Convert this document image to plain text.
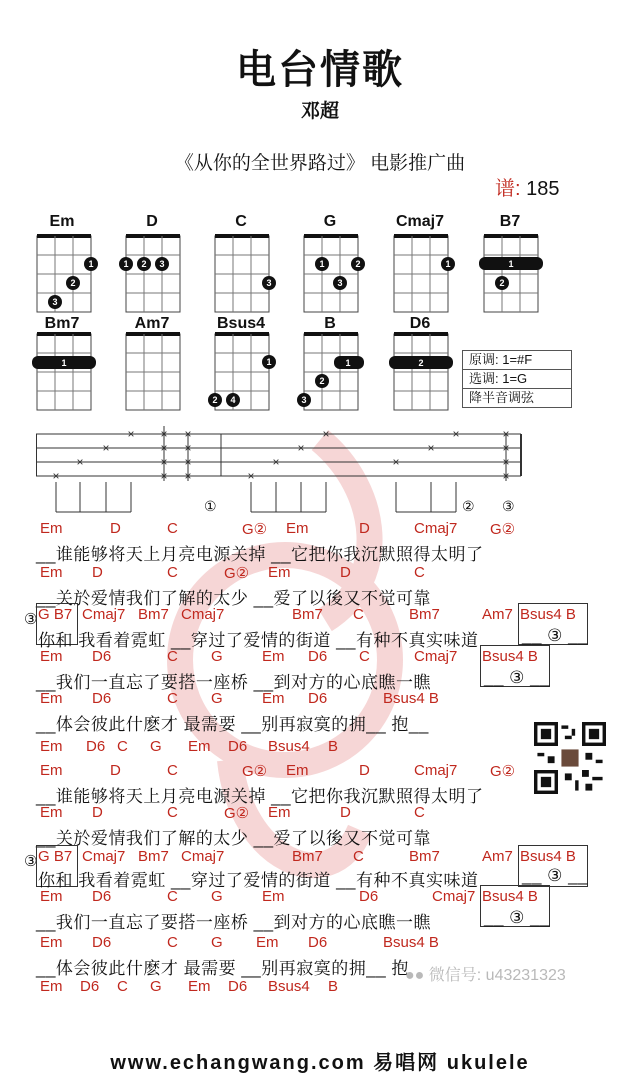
电台情歌
邓超
《从你的全世界路过》 电影推广曲
谱: 185
Em	D	C	G	Cmaj7	B7
1
2
3
1 2 3
3
1	2
3
1	1
2
Bm7	Am7	Bsus4	B	D6
1	1
2 4
1
2
3
2	原调: 1=#F
选调: 1=G
降半音调弦
×
×
×
× ×
×
×
×
×
×
×
×	×
×
×
×
×
×
×	×
×
×
×
①	② ③
Em	D	C	G② Em	D	Cmaj7 G②
__谁能够将天上月亮电源关掉 __它把你我沉默照得太明了
Em D	C	G② Em	D	C
__关於爱情我们了解的太少 __爱了以後又不觉可靠
③ G B7 Cmaj7 Bm7 Cmaj7	Bm7 C	Bm7	Am7 Bsus4 B
你和 我看着霓虹 __穿过了爱情的街道 __有种不真实味道	__ ③ __
Em D6	C G	Em D6 C	Cmaj7 Bsus4 B
__我们一直忘了要搭一座桥 __到对方的心底瞧一瞧	__ ③ __
Em D6	C G	Em D6	Bsus4 B
__体会彼此什麽才 最需要 __别再寂寞的拥__ 抱__
Em D6 C G Em D6 Bsus4 B
Em	D	C	G② Em	D	Cmaj7 G②
__谁能够将天上月亮电源关掉 __它把你我沉默照得太明了
Em D	C	G② Em	D	C
__关於爱情我们了解的太少 __爱了以後又不觉可靠
③ G B7 Cmaj7 Bm7 Cmaj7	Bm7 C	Bm7	Am7 Bsus4 B
你和 我看着霓虹 __穿过了爱情的街道 __有种不真实味道	__ ③ __
Em D6	C G	Em	D6	Cmaj7 Bsus4 B
__我们一直忘了要搭一座桥 __到对方的心底瞧一瞧	__ ③ __
Em D6	C G Em D6	Bsus4 B
__体会彼此什麽才 最需要 __别再寂寞的拥__ 抱
Em D6 C G Em D6 Bsus4 B
●● 微信号: u43231323
www.echangwang.com 易唱网 ukulele
